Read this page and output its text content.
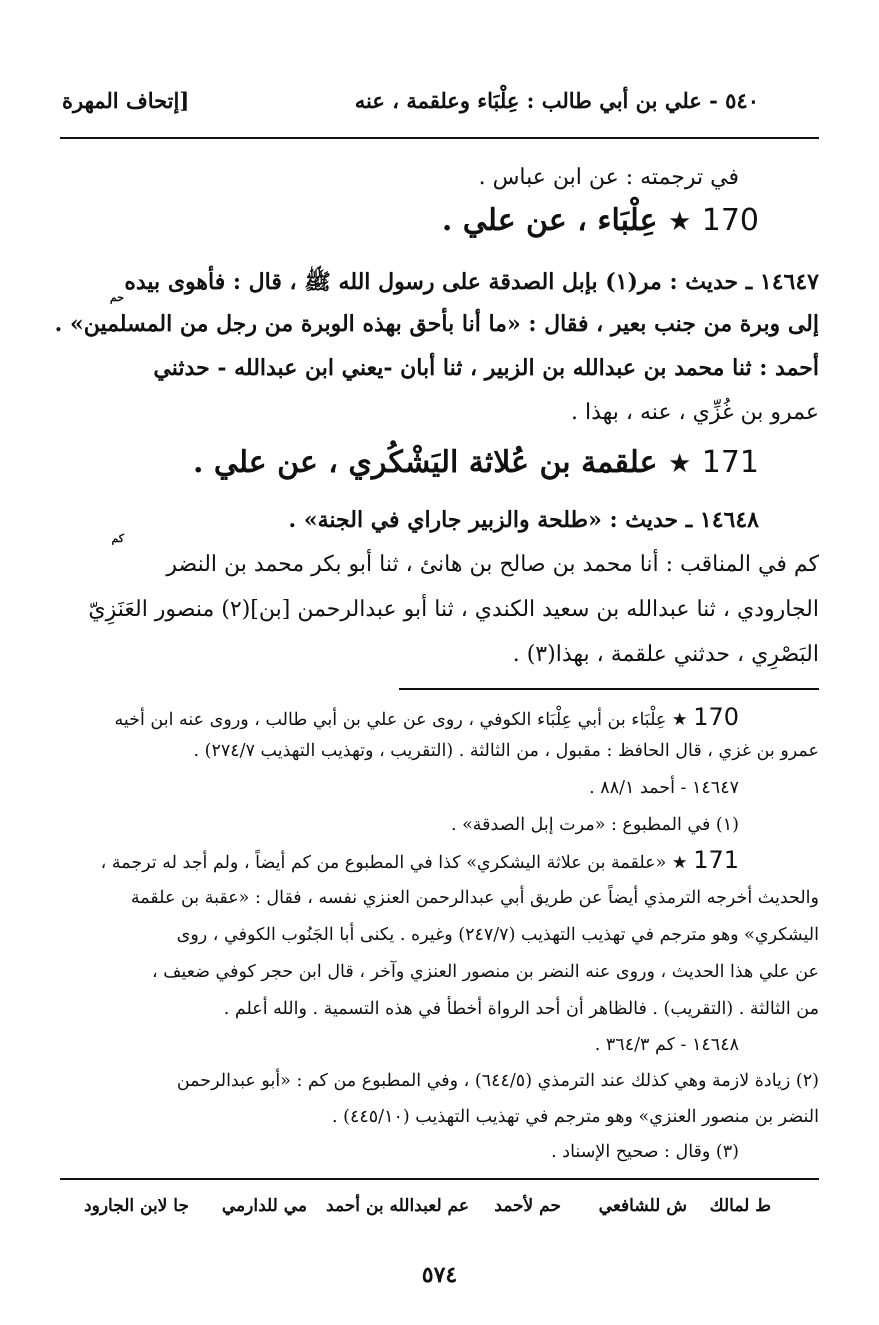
٥٤٠ - علي بن أبي طالب : عِلْبَاء وعلقمة ، عنه
[إتحاف المهرة
في ترجمته : عن ابن عباس .
170 ★ عِلْبَاء ، عن علي .
١٤٦٤٧ ـ حديث : مر(١) بإبل الصدقة على رسول الله ﷺ ، قال : فأهوى بيده
حم
إلى وبرة من جنب بعير ، فقال : «ما أنا بأحق بهذه الوبرة من رجل من المسلمين» .
أحمد : ثنا محمد بن عبدالله بن الزبير ، ثنا أبان -يعني ابن عبدالله - حدثني
عمرو بن غُزِّي ، عنه ، بهذا .
171 ★ علقمة بن عُلاثة اليَشْكُري ، عن علي .
١٤٦٤٨ ـ حديث : «طلحة والزبير جاراي في الجنة» .
كم
كم في المناقب : أنا محمد بن صالح بن هانئ ، ثنا أبو بكر محمد بن النضر
الجارودي ، ثنا عبدالله بن سعيد الكندي ، ثنا أبو عبدالرحمن [بن](٢) منصور العَنَزِيّ
البَصْرِي ، حدثني علقمة ، بهذا(٣) .
170 ★ عِلْبَاء بن أبي عِلْبَاء الكوفي ، روى عن علي بن أبي طالب ، وروى عنه ابن أخيه
عمرو بن غزي ، قال الحافظ : مقبول ، من الثالثة . (التقريب ، وتهذيب التهذيب ٢٧٤/٧) .
١٤٦٤٧ - أحمد ٨٨/١ .
(١) في المطبوع : «مرت إبل الصدقة» .
171 ★ «علقمة بن علاثة اليشكري» كذا في المطبوع من كم أيضاً ، ولم أجد له ترجمة ،
والحديث أخرجه الترمذي أيضاً عن طريق أبي عبدالرحمن العنزي نفسه ، فقال : «عقبة بن علقمة
اليشكري» وهو مترجم في تهذيب التهذيب (٢٤٧/٧) وغيره . يكنى أبا الجَنُوب الكوفي ، روى
عن علي هذا الحديث ، وروى عنه النضر بن منصور العنزي وآخر ، قال ابن حجر كوفي ضعيف ،
من الثالثة . (التقريب) . فالظاهر أن أحد الرواة أخطأ في هذه التسمية . والله أعلم .
١٤٦٤٨ - كم ٣٦٤/٣ .
(٢) زيادة لازمة وهي كذلك عند الترمذي (٦٤٤/٥) ، وفي المطبوع من كم : «أبو عبدالرحمن
النضر بن منصور العنزي» وهو مترجم في تهذيب التهذيب (٤٤٥/١٠) .
(٣) وقال : صحيح الإسناد .
ط لمالك
ش للشافعي
حم لأحمد
عم لعبدالله بن أحمد
مي للدارمي
جا لابن الجارود
٥٧٤
